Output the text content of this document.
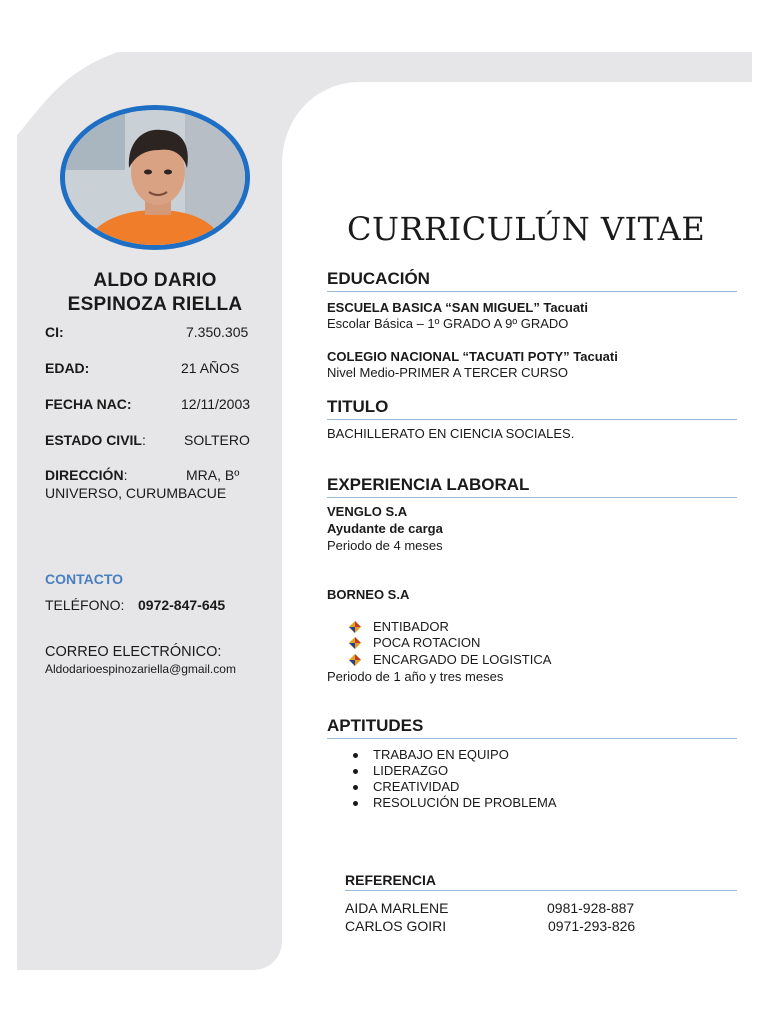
ALDO DARIO
ESPINOZA RIELLA
CI:	7.350.305
EDAD:	21 AÑOS
FECHA NAC:	12/11/2003
ESTADO CIVIL:	SOLTERO
DIRECCIÓN:	MRA, Bº
UNIVERSO, CURUMBACUE
CONTACTO
TELÉFONO: 0972-847-645
CORREO ELECTRÓNICO:
Aldodarioespinozariella@gmail.com
CURRICULÚN VITAE
EDUCACIÓN
ESCUELA BASICA “SAN MIGUEL” Tacuati
Escolar Básica – 1º GRADO A 9º GRADO
COLEGIO NACIONAL “TACUATI POTY” Tacuati
Nivel Medio-PRIMER A TERCER CURSO
TITULO
BACHILLERATO EN CIENCIA SOCIALES.
EXPERIENCIA LABORAL
VENGLO S.A
Ayudante de carga
Periodo de 4 meses
BORNEO S.A
ENTIBADOR
POCA ROTACION
ENCARGADO DE LOGISTICA
Periodo de 1 año y tres meses
APTITUDES
TRABAJO EN EQUIPO
LIDERAZGO
CREATIVIDAD
RESOLUCIÓN DE PROBLEMA
REFERENCIA
AIDA MARLENE	0981-928-887
CARLOS GOIRI	0971-293-826
